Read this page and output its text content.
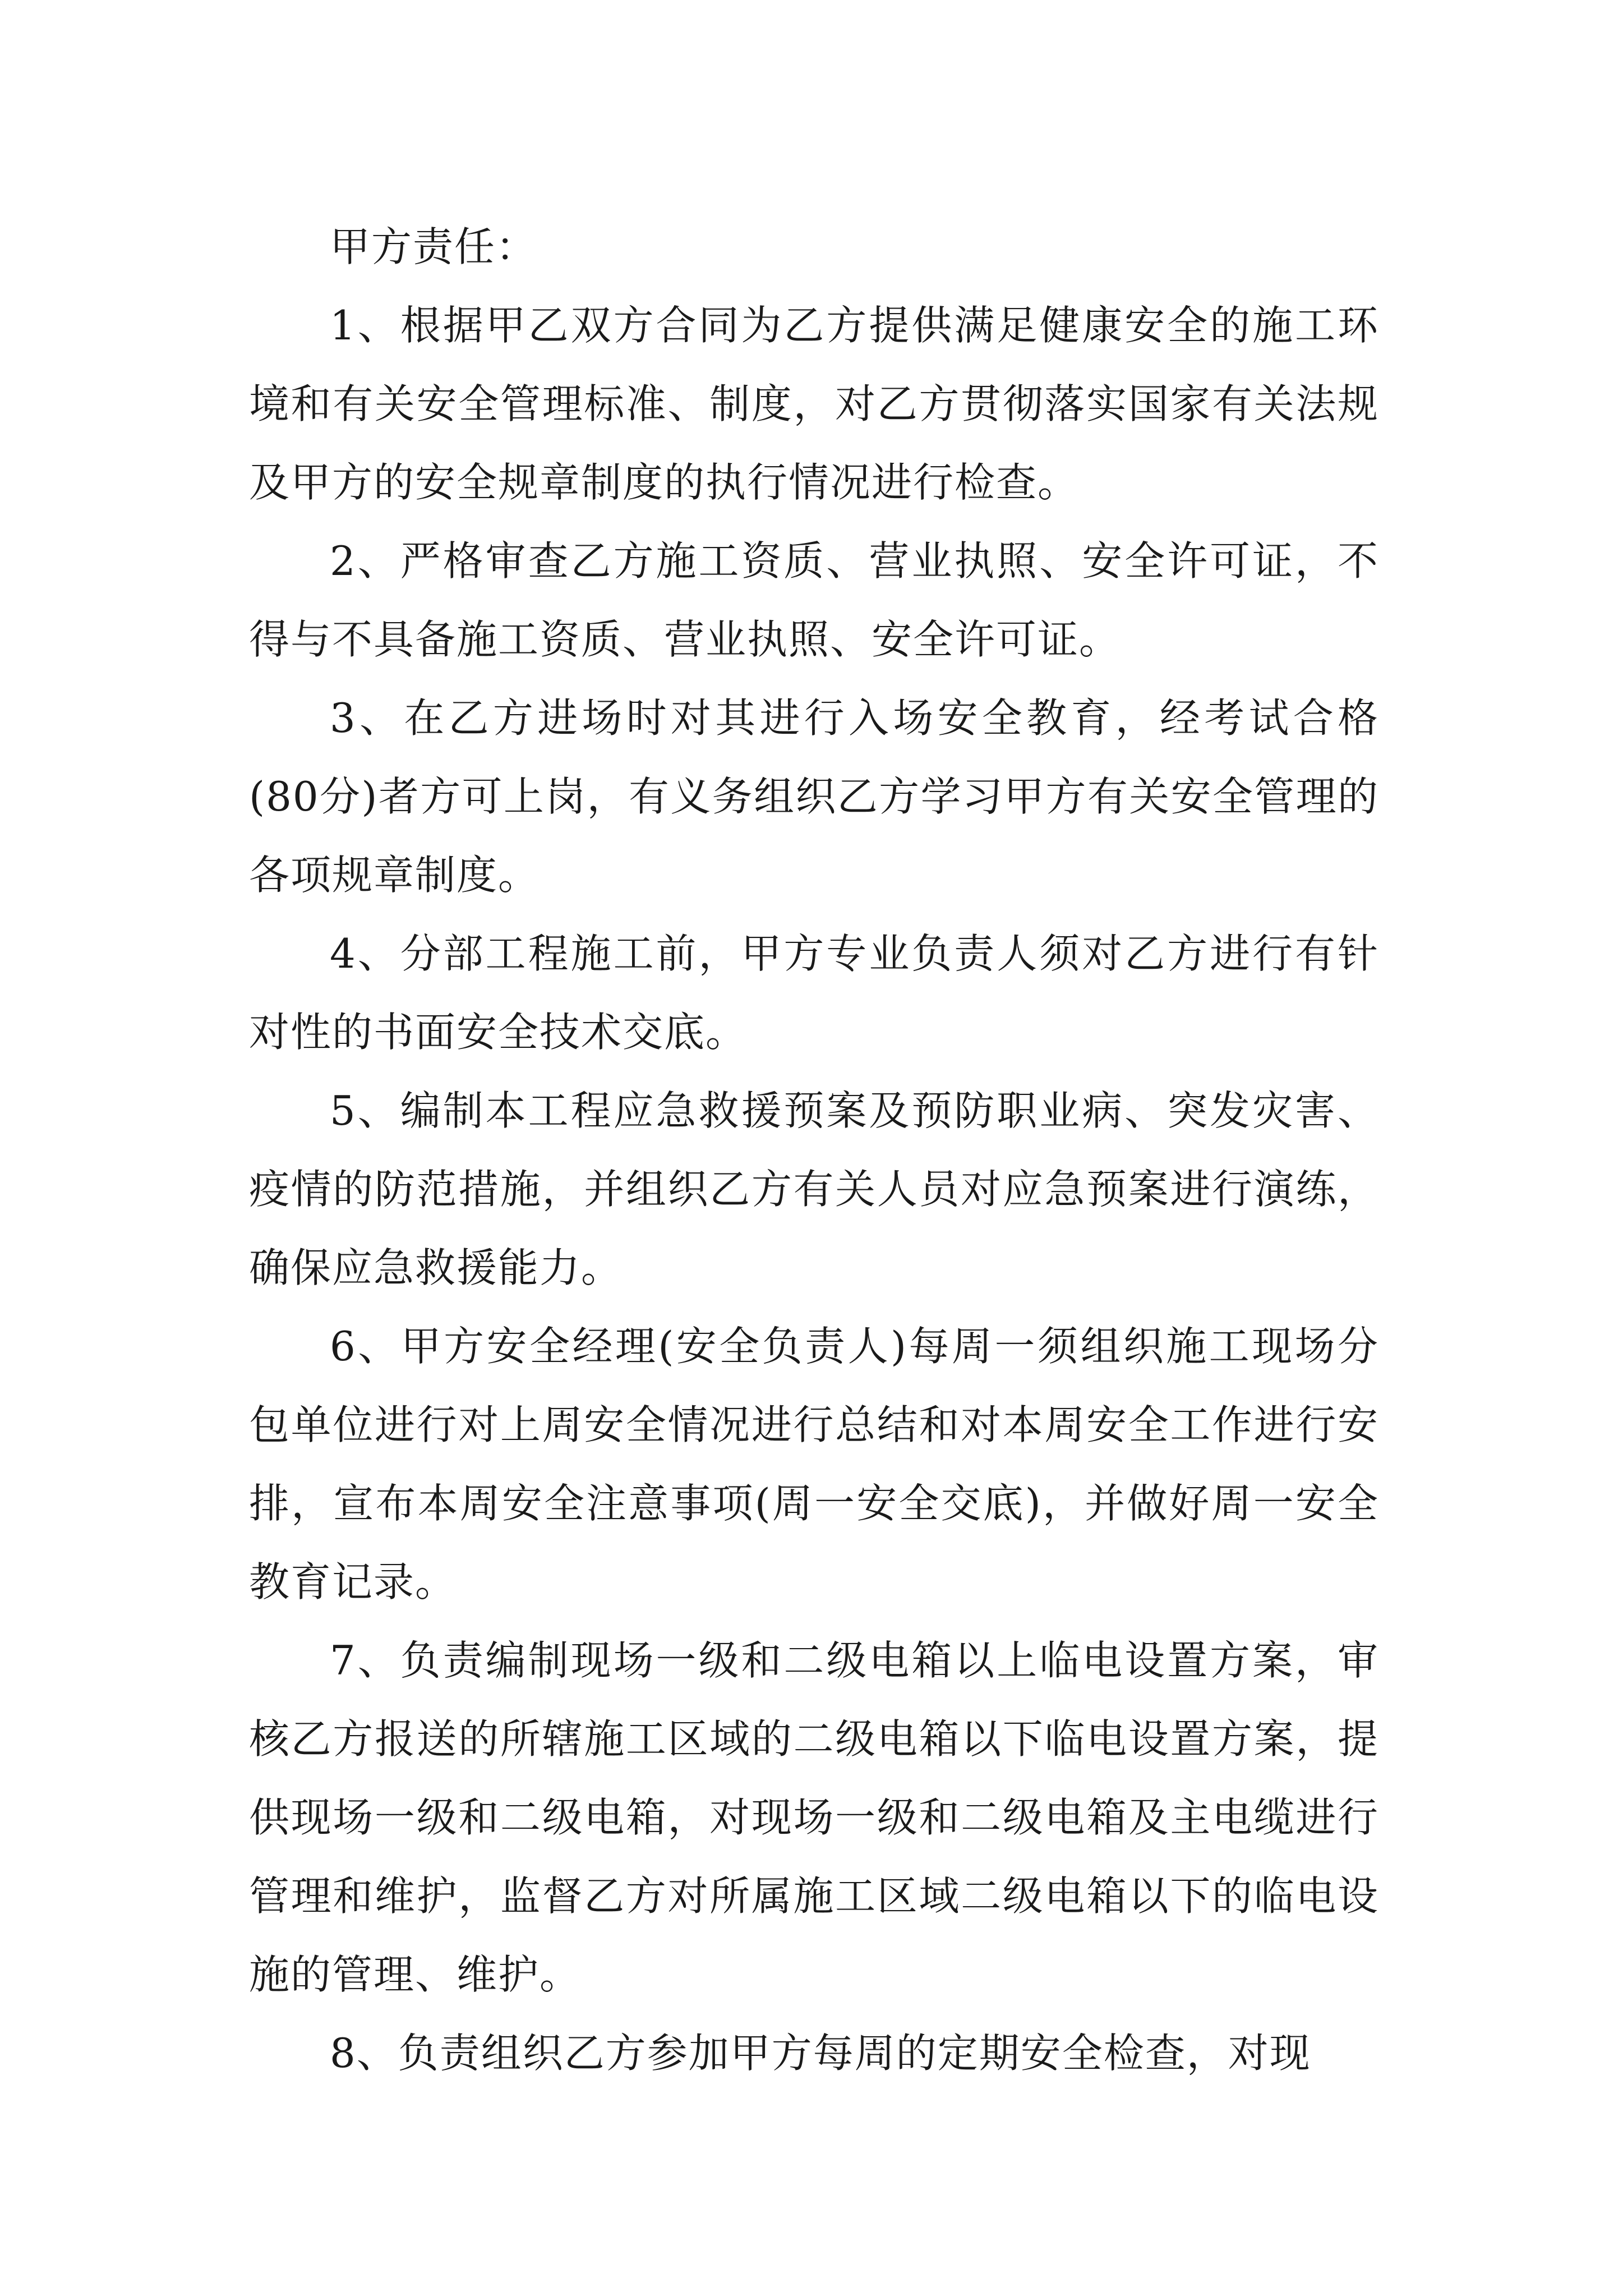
甲方责任：

1、根据甲乙双方合同为乙方提供满足健康安全的施工环境和有关安全管理标准、制度，对乙方贯彻落实国家有关法规及甲方的安全规章制度的执行情况进行检查。

2、严格审查乙方施工资质、营业执照、安全许可证，不得与不具备施工资质、营业执照、安全许可证。

3、在乙方进场时对其进行入场安全教育，经考试合格(80分)者方可上岗，有义务组织乙方学习甲方有关安全管理的各项规章制度。

4、分部工程施工前，甲方专业负责人须对乙方进行有针对性的书面安全技术交底。

5、编制本工程应急救援预案及预防职业病、突发灾害、疫情的防范措施，并组织乙方有关人员对应急预案进行演练，确保应急救援能力。

6、甲方安全经理(安全负责人)每周一须组织施工现场分包单位进行对上周安全情况进行总结和对本周安全工作进行安排，宣布本周安全注意事项(周一安全交底)，并做好周一安全教育记录。

7、负责编制现场一级和二级电箱以上临电设置方案，审核乙方报送的所辖施工区域的二级电箱以下临电设置方案，提供现场一级和二级电箱，对现场一级和二级电箱及主电缆进行管理和维护，监督乙方对所属施工区域二级电箱以下的临电设施的管理、维护。

8、负责组织乙方参加甲方每周的定期安全检查，对现
